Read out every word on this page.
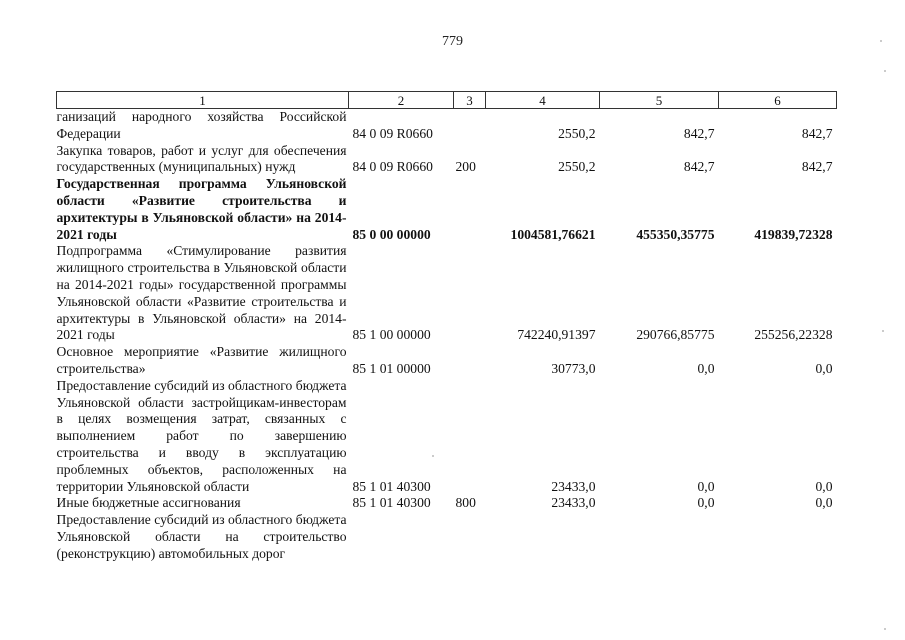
779
1	2	3	4	5	6
ганизаций народного хозяйства Российской Федерации	84 0 09 R0660		2550,2	842,7	842,7
Закупка товаров, работ и услуг для обеспечения государственных (муниципальных) нужд	84 0 09 R0660	200	2550,2	842,7	842,7
Государственная программа Ульяновской области «Развитие строительства и архитектуры в Ульяновской области» на 2014-2021 годы	85 0 00 00000		1004581,76621	455350,35775	419839,72328
Подпрограмма «Стимулирование развития жилищного строительства в Ульяновской области на 2014-2021 годы» государственной программы Ульяновской области «Развитие строительства и архитектуры в Ульяновской области» на 2014-2021 годы	85 1 00 00000		742240,91397	290766,85775	255256,22328
Основное мероприятие «Развитие жилищного строительства»	85 1 01 00000		30773,0	0,0	0,0
Предоставление субсидий из областного бюджета Ульяновской области застройщикам-инвесторам в целях возмещения затрат, связанных с выполнением работ по завершению строительства и вводу в эксплуатацию проблемных объектов, расположенных на территории Ульяновской области	85 1 01 40300		23433,0	0,0	0,0
Иные бюджетные ассигнования	85 1 01 40300	800	23433,0	0,0	0,0
Предоставление субсидий из областного бюджета Ульяновской области на строительство (реконструкцию) автомобильных дорог					
